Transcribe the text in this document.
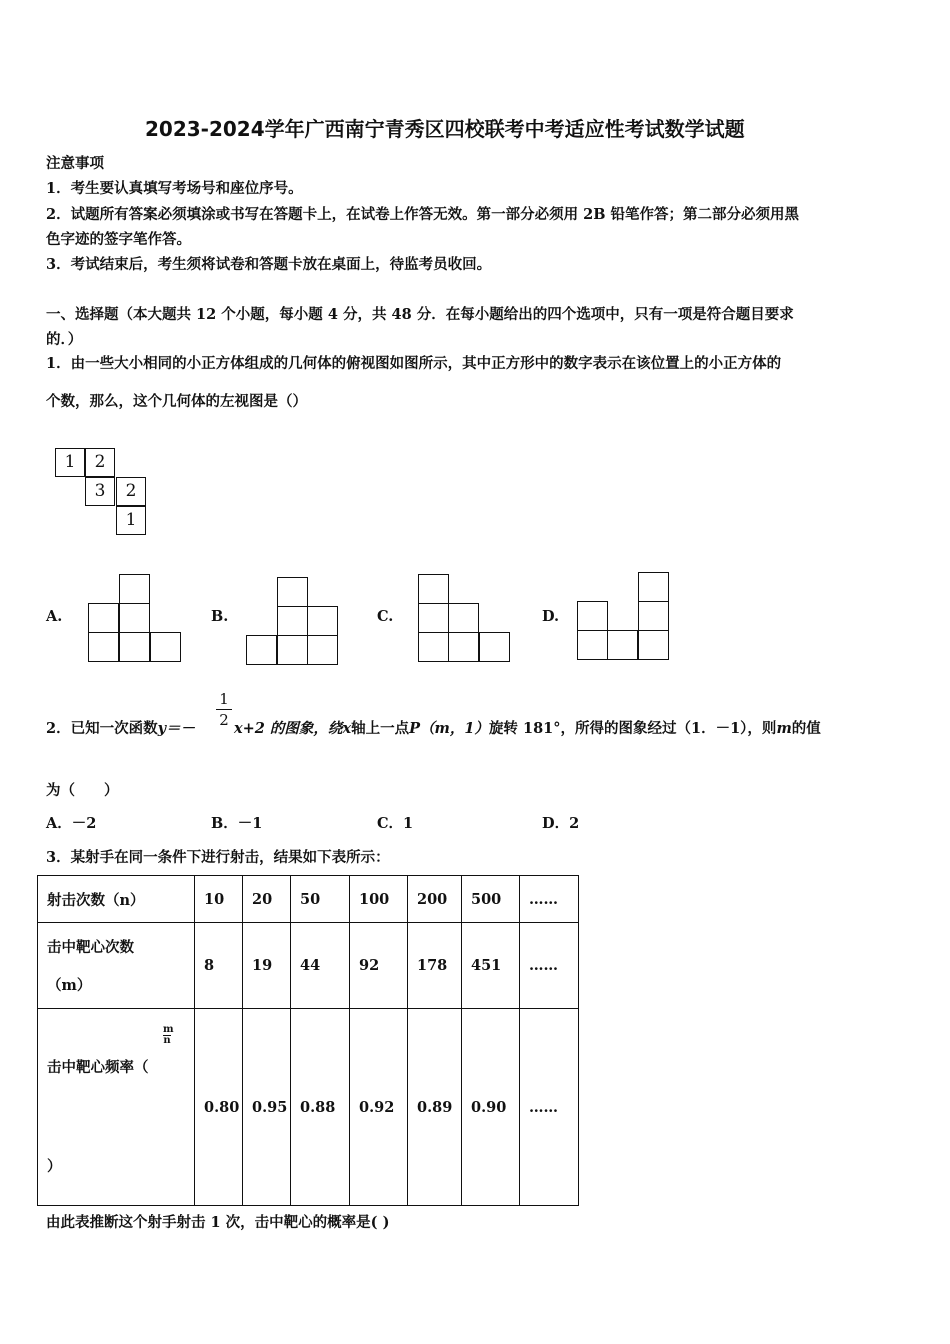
2023-2024学年广西南宁青秀区四校联考中考适应性考试数学试题
注意事项
1．考生要认真填写考场号和座位序号。
2．试题所有答案必须填涂或书写在答题卡上，在试卷上作答无效。第一部分必须用 2B 铅笔作答；第二部分必须用黑
色字迹的签字笔作答。
3．考试结束后，考生须将试卷和答题卡放在桌面上，待监考员收回。
一、选择题（本大题共 12 个小题，每小题 4 分，共 48 分．在每小题给出的四个选项中，只有一项是符合题目要求
的．）
1．由一些大小相同的小正方体组成的几何体的俯视图如图所示，其中正方形中的数字表示在该位置上的小正方体的
个数，那么，这个几何体的左视图是（）
1	2
3	2
1
A.	B.	C.	D.
2．已知一次函数y＝－
1
2 x+2 的图象，绕x轴上一点P（m，1）旋转 181°，所得的图象经过（1．－1），则m的值
为（　　）
A．－2	B．－1	C．1	D．2
3．某射手在同一条件下进行射击，结果如下表所示：
射击次数（n）	10	20	50	100	200	500	……

击中靶心次数
（m）	8	19	44	92	178	451	……

击中靶心频率（
m
n
）	0.80	0.95	0.88	0.92	0.89	0.90	……
由此表推断这个射手射击 1 次，击中靶心的概率是( )
